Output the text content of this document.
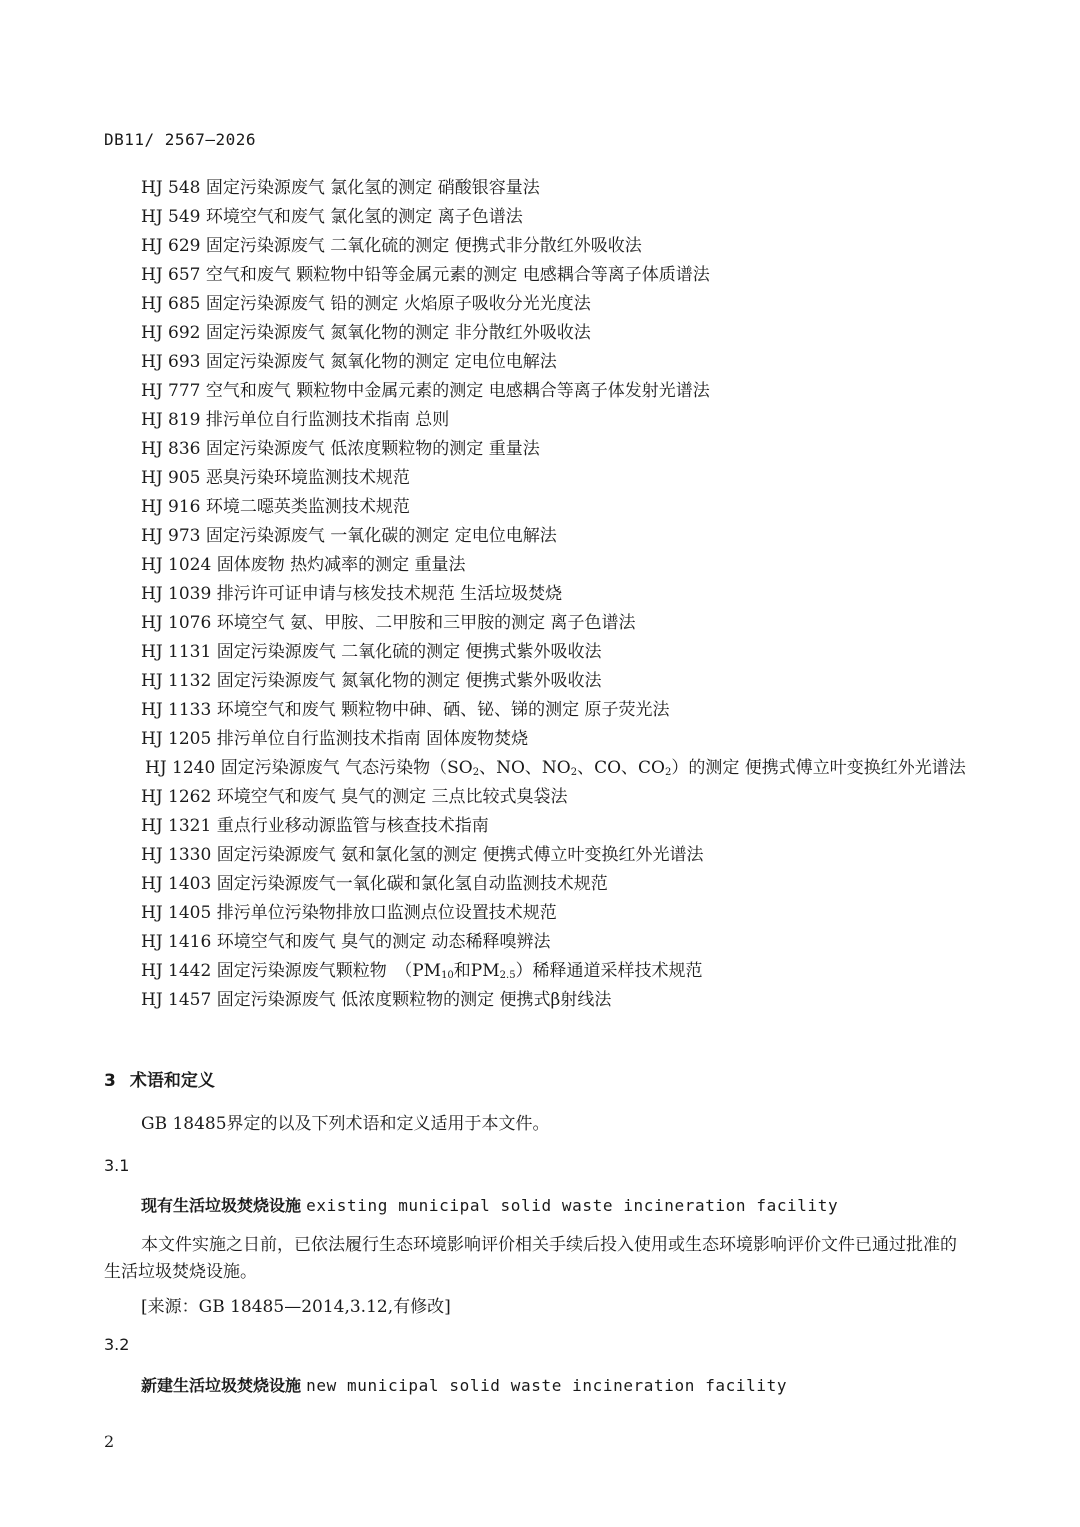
DB11/ 2567—2026
HJ 548 固定污染源废气 氯化氢的测定 硝酸银容量法
HJ 549 环境空气和废气 氯化氢的测定 离子色谱法
HJ 629 固定污染源废气 二氧化硫的测定 便携式非分散红外吸收法
HJ 657 空气和废气 颗粒物中铅等金属元素的测定 电感耦合等离子体质谱法
HJ 685 固定污染源废气 铅的测定 火焰原子吸收分光光度法
HJ 692 固定污染源废气 氮氧化物的测定 非分散红外吸收法
HJ 693 固定污染源废气 氮氧化物的测定 定电位电解法
HJ 777 空气和废气 颗粒物中金属元素的测定 电感耦合等离子体发射光谱法
HJ 819 排污单位自行监测技术指南 总则
HJ 836 固定污染源废气 低浓度颗粒物的测定 重量法
HJ 905 恶臭污染环境监测技术规范
HJ 916 环境二噁英类监测技术规范
HJ 973 固定污染源废气 一氧化碳的测定 定电位电解法
HJ 1024 固体废物 热灼减率的测定 重量法
HJ 1039 排污许可证申请与核发技术规范 生活垃圾焚烧
HJ 1076 环境空气 氨、甲胺、二甲胺和三甲胺的测定 离子色谱法
HJ 1131 固定污染源废气 二氧化硫的测定 便携式紫外吸收法
HJ 1132 固定污染源废气 氮氧化物的测定 便携式紫外吸收法
HJ 1133 环境空气和废气 颗粒物中砷、硒、铋、锑的测定 原子荧光法
HJ 1205 排污单位自行监测技术指南 固体废物焚烧
HJ 1240 固定污染源废气 气态污染物（$SO_2$、NO、$NO_2$、CO、$CO_2$）的测定 便携式傅立叶变换红外光谱法
HJ 1262 环境空气和废气 臭气的测定 三点比较式臭袋法
HJ 1321 重点行业移动源监管与核查技术指南
HJ 1330 固定污染源废气 氨和氯化氢的测定 便携式傅立叶变换红外光谱法
HJ 1403 固定污染源废气一氧化碳和氯化氢自动监测技术规范
HJ 1405 排污单位污染物排放口监测点位设置技术规范
HJ 1416 环境空气和废气 臭气的测定 动态稀释嗅辨法
HJ 1442 固定污染源废气颗粒物　（$PM_{10}$和$PM_{2.5}$）稀释通道采样技术规范
HJ 1457 固定污染源废气 低浓度颗粒物的测定 便携式β射线法
3 术语和定义
GB 18485界定的以及下列术语和定义适用于本文件。
3.1
现有生活垃圾焚烧设施 existing municipal solid waste incineration facility
本文件实施之日前，已依法履行生态环境影响评价相关手续后投入使用或生态环境影响评价文件已通过批准的生活垃圾焚烧设施。
[来源：GB 18485—2014,3.12,有修改]
3.2
新建生活垃圾焚烧设施 new municipal solid waste incineration facility
2
